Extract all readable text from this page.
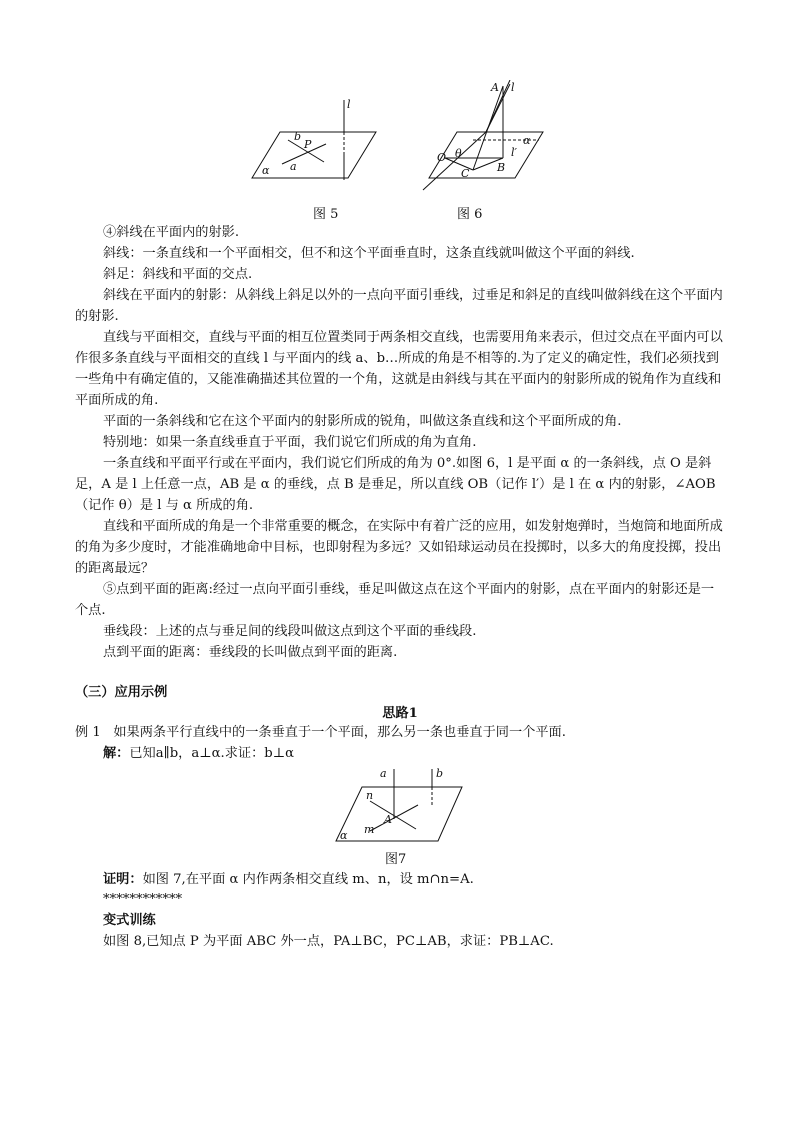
l
b
P
a
α
图 5
A l
α
O θ	l′
B
C
图 6

④斜线在平面内的射影.

斜线：一条直线和一个平面相交，但不和这个平面垂直时，这条直线就叫做这个平面的斜线.

斜足：斜线和平面的交点.

斜线在平面内的射影：从斜线上斜足以外的一点向平面引垂线，过垂足和斜足的直线叫做斜线在这个平面内的射影.

直线与平面相交，直线与平面的相互位置类同于两条相交直线，也需要用角来表示，但过交点在平面内可以作很多条直线与平面相交的直线 l 与平面内的线 a、b…所成的角是不相等的.为了定义的确定性，我们必须找到一些角中有确定值的，又能准确描述其位置的一个角，这就是由斜线与其在平面内的射影所成的锐角作为直线和平面所成的角.

平面的一条斜线和它在这个平面内的射影所成的锐角，叫做这条直线和这个平面所成的角.

特别地：如果一条直线垂直于平面，我们说它们所成的角为直角.

一条直线和平面平行或在平面内，我们说它们所成的角为 0°.如图 6，l 是平面 α 的一条斜线，点 O 是斜足，A 是 l 上任意一点，AB 是 α 的垂线，点 B 是垂足，所以直线 OB（记作 l′）是 l 在 α 内的射影，∠AOB（记作 θ）是 l 与 α 所成的角.

直线和平面所成的角是一个非常重要的概念，在实际中有着广泛的应用，如发射炮弹时，当炮筒和地面所成的角为多少度时，才能准确地命中目标，也即射程为多远？又如铅球运动员在投掷时，以多大的角度投掷，投出的距离最远？

⑤点到平面的距离:经过一点向平面引垂线，垂足叫做这点在这个平面内的射影，点在平面内的射影还是一个点.

垂线段：上述的点与垂足间的线段叫做这点到这个平面的垂线段.

点到平面的距离：垂线段的长叫做点到平面的距离.

（三）应用示例

思路1

例 1 如果两条平行直线中的一条垂直于一个平面，那么另一条也垂直于同一个平面.

解：已知a∥b，a⊥α.求证：b⊥α

a	b
n
A
m
α
图7

证明：如图 7,在平面 α 内作两条相交直线 m、n，设 m∩n=A.

************

变式训练

如图 8,已知点 P 为平面 ABC 外一点，PA⊥BC，PC⊥AB，求证：PB⊥AC.
